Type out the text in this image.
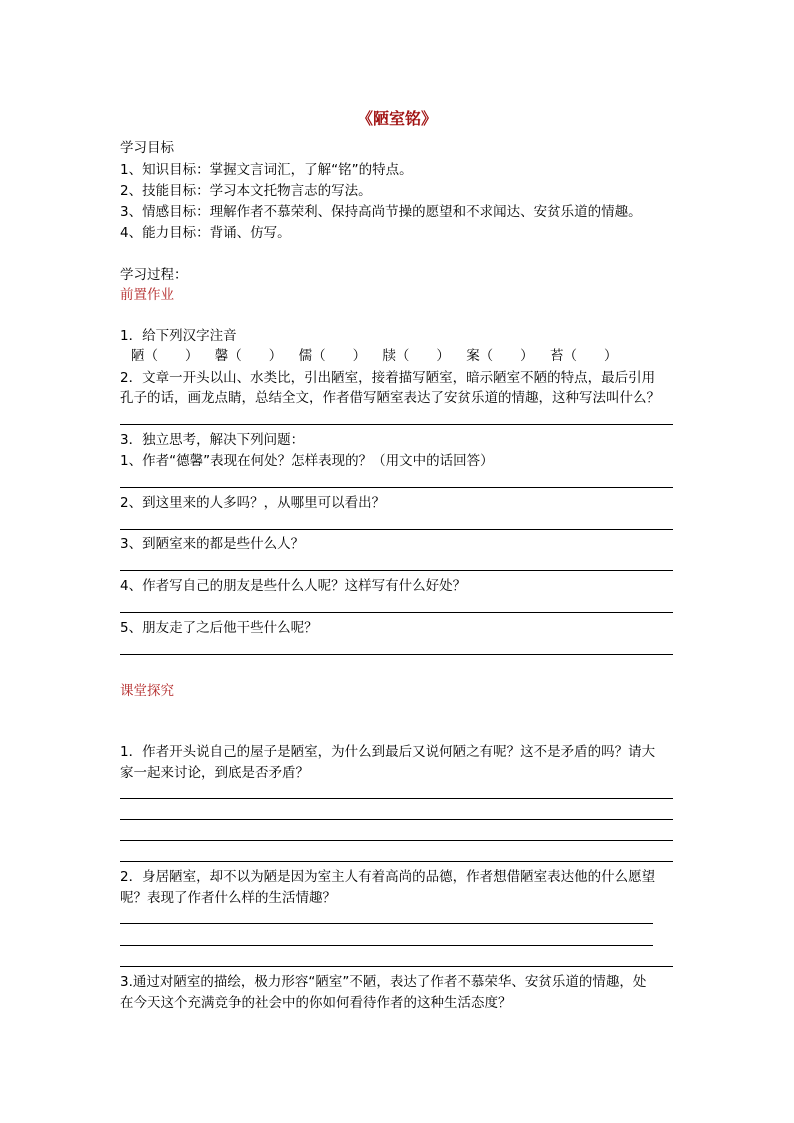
《陋室铭》
学习目标
1、知识目标：掌握文言词汇，了解“铭”的特点。
2、技能目标：学习本文托物言志的写法。
3、情感目标：理解作者不慕荣利、保持高尚节操的愿望和不求闻达、安贫乐道的情趣。
4、能力目标：背诵、仿写。
学习过程：
前置作业
1．给下列汉字注音
陋（　　） 馨（　　） 儒（　　） 牍（　　） 案（　　） 苔（　　）
2．文章一开头以山、水类比，引出陋室，接着描写陋室，暗示陋室不陋的特点，最后引用
孔子的话，画龙点睛，总结全文，作者借写陋室表达了安贫乐道的情趣，这种写法叫什么？
3．独立思考，解决下列问题：
1、作者“德馨”表现在何处？怎样表现的？（用文中的话回答）
2、到这里来的人多吗？，从哪里可以看出？
3、到陋室来的都是些什么人？
4、作者写自己的朋友是些什么人呢？这样写有什么好处？
5、朋友走了之后他干些什么呢？
课堂探究
1．作者开头说自己的屋子是陋室，为什么到最后又说何陋之有呢？这不是矛盾的吗？请大
家一起来讨论，到底是否矛盾？
2．身居陋室，却不以为陋是因为室主人有着高尚的品德，作者想借陋室表达他的什么愿望
呢？表现了作者什么样的生活情趣？
3.通过对陋室的描绘，极力形容“陋室”不陋，表达了作者不慕荣华、安贫乐道的情趣，处
在今天这个充满竞争的社会中的你如何看待作者的这种生活态度？
